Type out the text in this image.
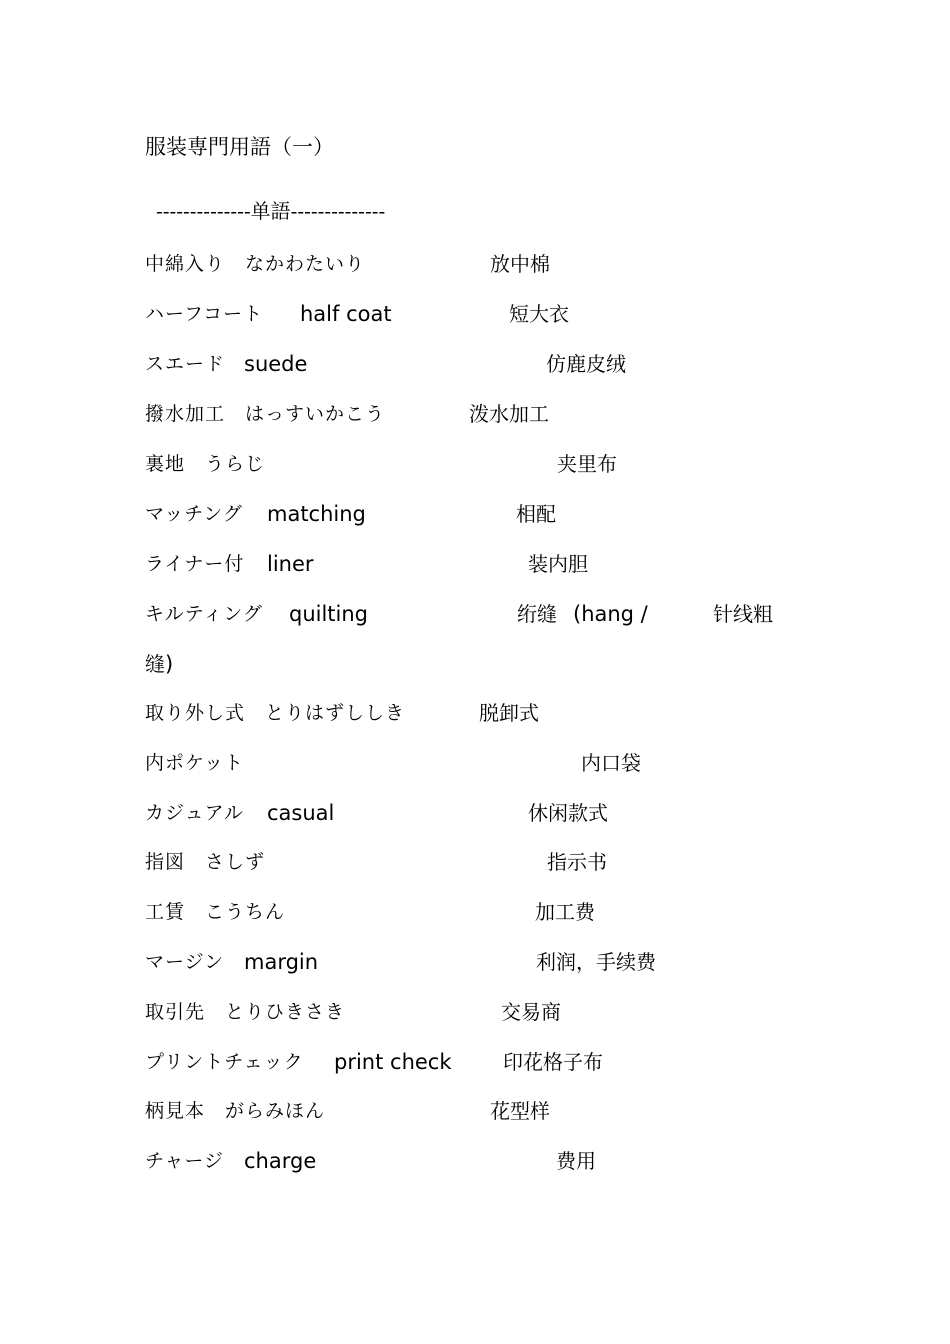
服装専門用語（一）
--------------单語--------------
中綿入り　なかわたいり	放中棉
ハーフコート half coat	短大衣
スエード suede	仿鹿皮绒
撥水加工　はっすいかこう	泼水加工
裏地　うらじ	夹里布
マッチング matching	相配
ライナー付 liner	装内胆
キルティング quilting	绗缝 (hang /	针线粗
缝)
取り外し式　とりはずししき	脱卸式
内ポケット	内口袋
カジュアル casual	休闲款式
指図　さしず	指示书
工賃　こうちん	加工费
マージン margin	利润，手续费
取引先　とりひきさき	交易商
プリントチェック print check	印花格子布
柄見本　がらみほん	花型样
チャージ charge	费用
